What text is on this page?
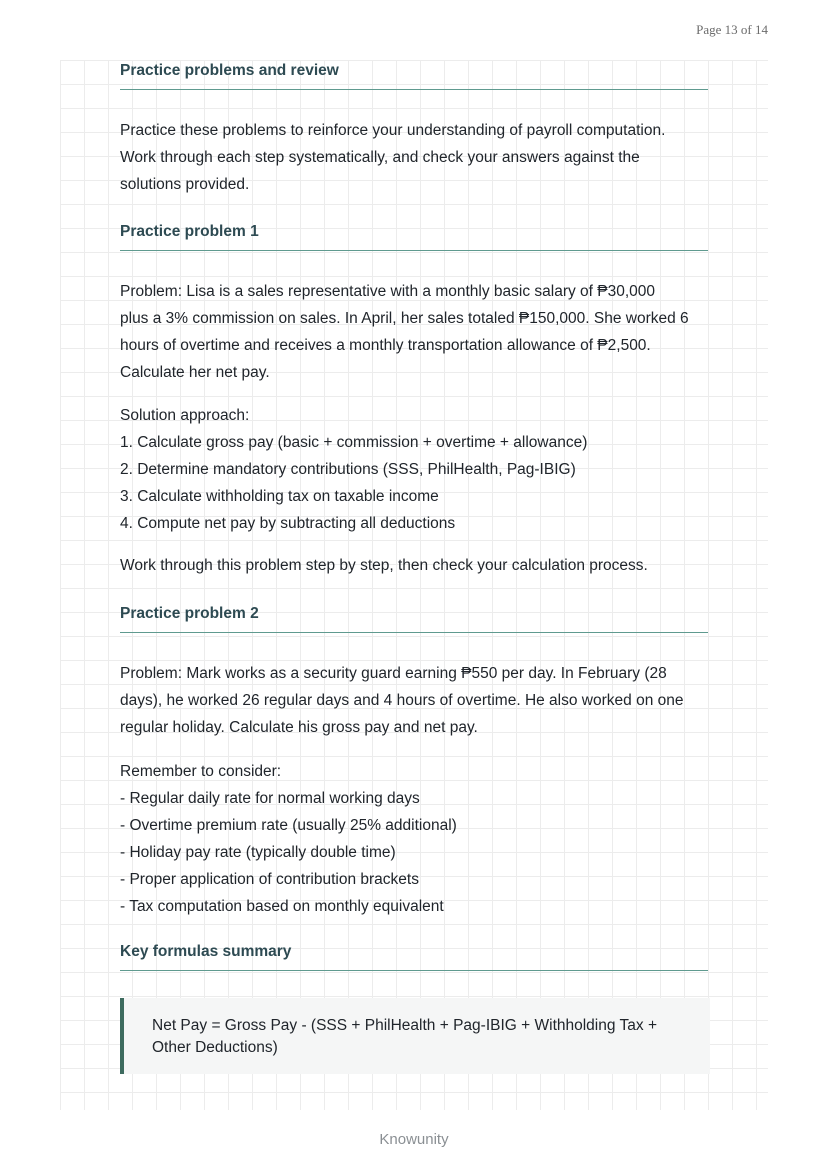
Page 13 of 14
Practice problems and review

Practice these problems to reinforce your understanding of payroll computation.
Work through each step systematically, and check your answers against the
solutions provided.

Practice problem 1

Problem: Lisa is a sales representative with a monthly basic salary of ₱30,000
plus a 3% commission on sales. In April, her sales totaled ₱150,000. She worked 6
hours of overtime and receives a monthly transportation allowance of ₱2,500.
Calculate her net pay.

Solution approach:
1. Calculate gross pay (basic + commission + overtime + allowance)
2. Determine mandatory contributions (SSS, PhilHealth, Pag-IBIG)
3. Calculate withholding tax on taxable income
4. Compute net pay by subtracting all deductions

Work through this problem step by step, then check your calculation process.

Practice problem 2

Problem: Mark works as a security guard earning ₱550 per day. In February (28
days), he worked 26 regular days and 4 hours of overtime. He also worked on one
regular holiday. Calculate his gross pay and net pay.

Remember to consider:
- Regular daily rate for normal working days
- Overtime premium rate (usually 25% additional)
- Holiday pay rate (typically double time)
- Proper application of contribution brackets
- Tax computation based on monthly equivalent

Key formulas summary
Net Pay = Gross Pay - (SSS + PhilHealth + Pag-IBIG + Withholding Tax +
Other Deductions)
Knowunity
